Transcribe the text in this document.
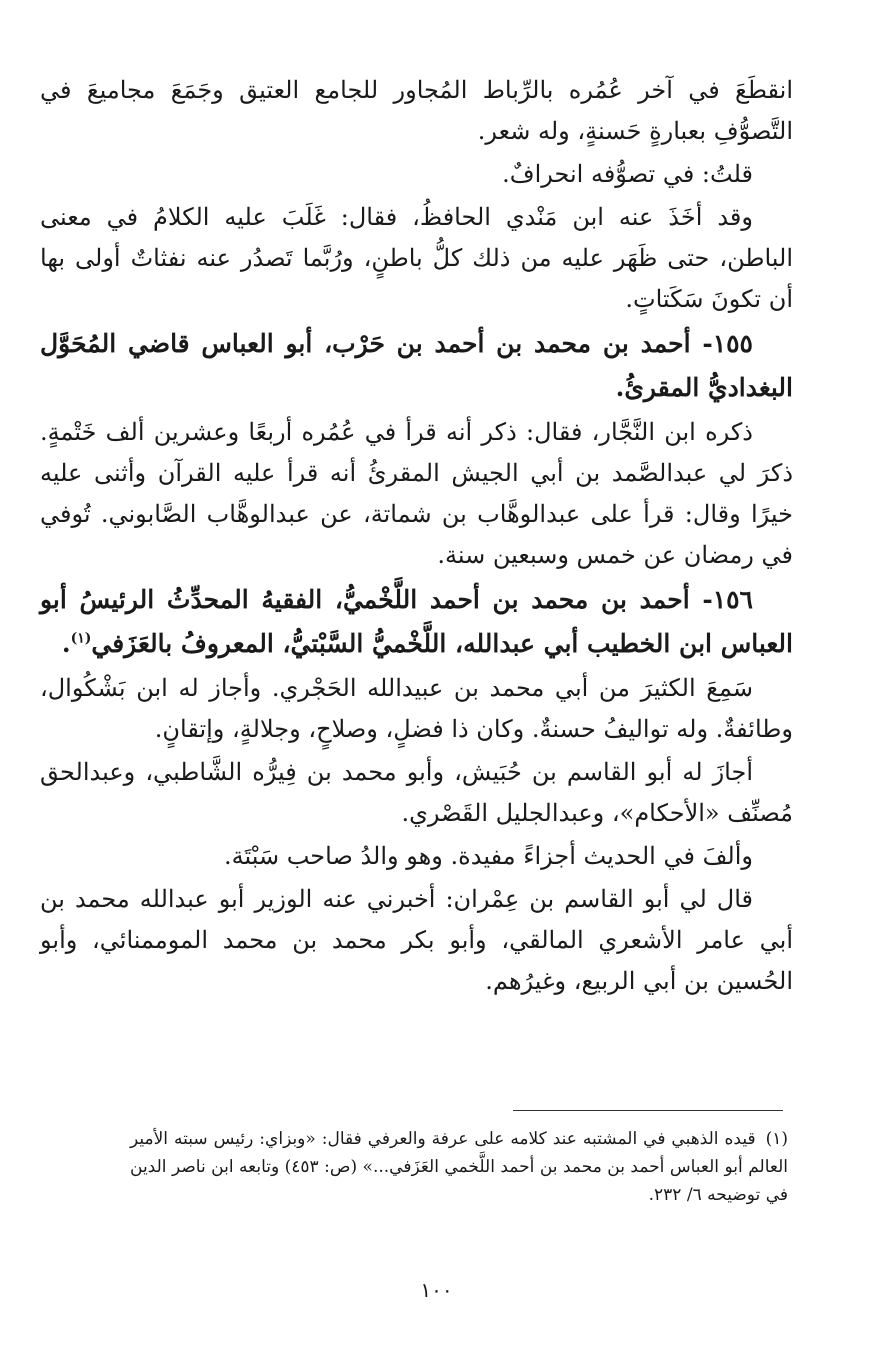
انقطَعَ في آخر عُمُره بالرِّباط المُجاور للجامع العتيق وجَمَعَ مجاميعَ في التَّصوُّفِ بعبارةٍ حَسنةٍ، وله شعر.

قلتُ: في تصوُّفه انحرافٌ.

وقد أخَذَ عنه ابن مَنْدي الحافظُ، فقال: غَلَبَ عليه الكلامُ في معنى الباطن، حتى ظَهَر عليه من ذلك كلُّ باطنٍ، ورُبَّما تَصدُر عنه نفثاتٌ أولى بها أن تكونَ سَكَتاتٍ.

١٥٥- أحمد بن محمد بن أحمد بن حَرْب، أبو العباس قاضي المُحَوَّل البغداديُّ المقرئُ.

ذكره ابن النَّجَّار، فقال: ذكر أنه قرأ في عُمُره أربعًا وعشرين ألف خَتْمةٍ. ذكرَ لي عبدالصَّمد بن أبي الجيش المقرئُ أنه قرأ عليه القرآن وأثنى عليه خيرًا وقال: قرأ على عبدالوهَّاب بن شماتة، عن عبدالوهَّاب الصَّابوني. تُوفي في رمضان عن خمس وسبعين سنة.

١٥٦- أحمد بن محمد بن أحمد اللَّخْميُّ، الفقيهُ المحدِّثُ الرئيسُ أبو العباس ابن الخطيب أبي عبدالله، اللَّخْميُّ السَّبْتيُّ، المعروفُ بالعَزَفي$^{(١)}$.

سَمِعَ الكثيرَ من أبي محمد بن عبيدالله الحَجْري. وأجاز له ابن بَشْكُوال، وطائفةٌ. وله تواليفُ حسنةٌ. وكان ذا فضلٍ، وصلاحٍ، وجلالةٍ، وإتقانٍ.

أجازَ له أبو القاسم بن حُبَيش، وأبو محمد بن فِيرُّه الشَّاطبي، وعبدالحق مُصنِّف «الأحكام»، وعبدالجليل القَصْري.

وألفَ في الحديث أجزاءً مفيدة. وهو والدُ صاحب سَبْتَة.

قال لي أبو القاسم بن عِمْران: أخبرني عنه الوزير أبو عبدالله محمد بن أبي عامر الأشعري المالقي، وأبو بكر محمد بن محمد الموممنائي، وأبو الحُسين بن أبي الربيع، وغيرُهم.

(١)قيده الذهبي في المشتبه عند كلامه على عرفة والعرفي فقال: «وبزاي: رئيس سبته الأمير العالم أبو العباس أحمد بن محمد بن أحمد اللَّخمي العَزَفي...» (ص: ٤٥٣) وتابعه ابن ناصر الدين في توضيحه ٦/ ٢٣٢.
١٠٠
